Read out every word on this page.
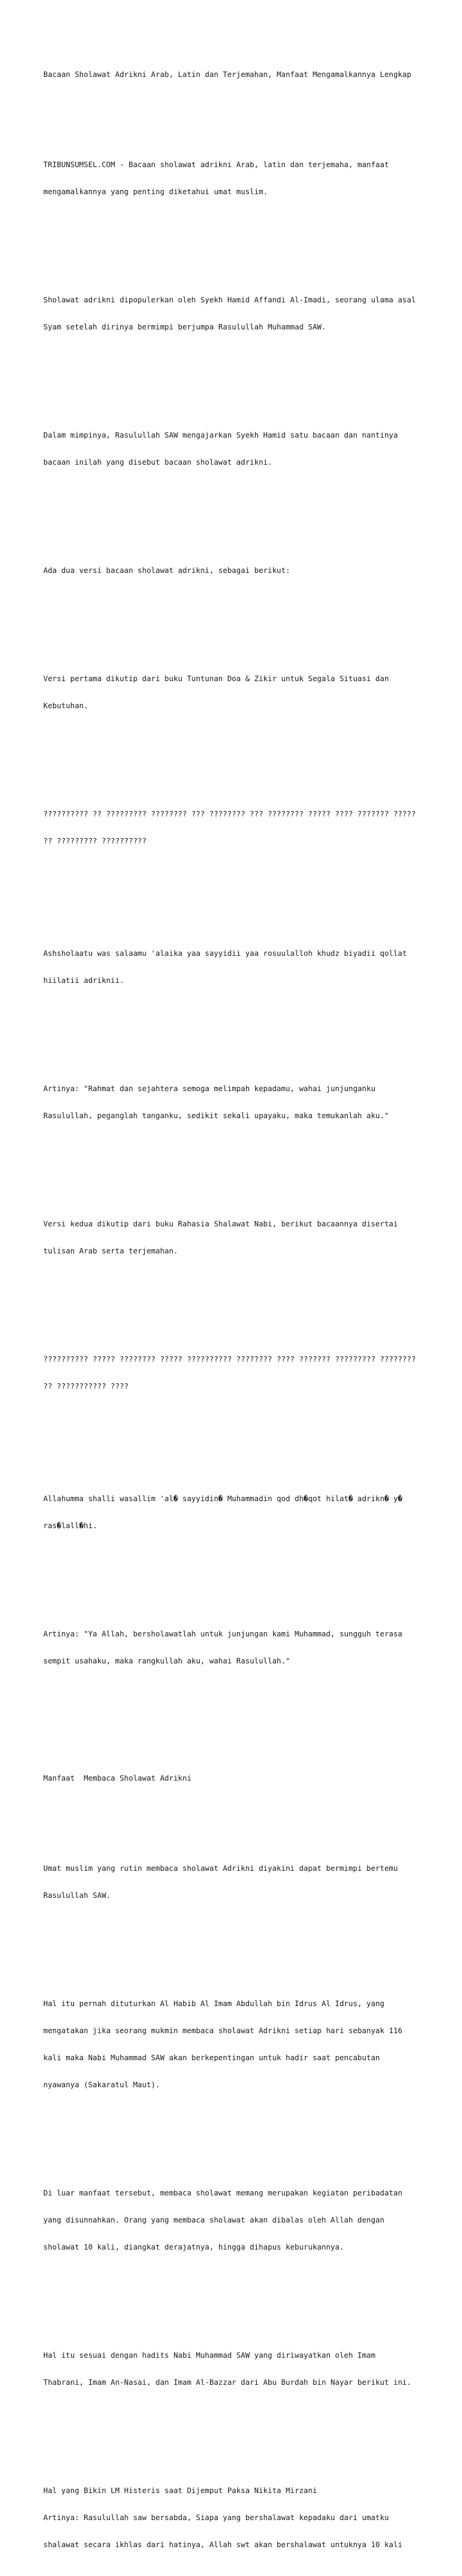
Bacaan Sholawat Adrikni Arab, Latin dan Terjemahan, Manfaat Mengamalkannya Lengkap

TRIBUNSUMSEL.COM - Bacaan sholawat adrikni Arab, latin dan terjemaha, manfaat

mengamalkannya yang penting diketahui umat muslim.

Sholawat adrikni dipopulerkan oleh Syekh Hamid Affandi Al-Imadi, seorang ulama asal

Syam setelah dirinya bermimpi berjumpa Rasulullah Muhammad SAW.

Dalam mimpinya, Rasulullah SAW mengajarkan Syekh Hamid satu bacaan dan nantinya

bacaan inilah yang disebut bacaan sholawat adrikni.

Ada dua versi bacaan sholawat adrikni, sebagai berikut:

Versi pertama dikutip dari buku Tuntunan Doa & Zikir untuk Segala Situasi dan

Kebutuhan.

?????????? ?? ????????? ???????? ??? ???????? ??? ???????? ????? ???? ??????? ?????

?? ????????? ??????????

Ashsholaatu was salaamu 'alaika yaa sayyidii yaa rosuulalloh khudz biyadii qollat

hiilatii adriknii.

Artinya: "Rahmat dan sejahtera semoga melimpah kepadamu, wahai junjunganku

Rasulullah, peganglah tanganku, sedikit sekali upayaku, maka temukanlah aku."

Versi kedua dikutip dari buku Rahasia Shalawat Nabi, berikut bacaannya disertai

tulisan Arab serta terjemahan.

?????????? ????? ???????? ????? ?????????? ???????? ???? ??????? ????????? ????????

?? ??????????? ????

Allahumma shalli wasallim 'al� sayyidin� Muhammadin qod dh�qot hilat� adrikn� y�

ras�lall�hi.

Artinya: "Ya Allah, bersholawatlah untuk junjungan kami Muhammad, sungguh terasa

sempit usahaku, maka rangkullah aku, wahai Rasulullah."

Manfaat  Membaca Sholawat Adrikni

Umat muslim yang rutin membaca sholawat Adrikni diyakini dapat bermimpi bertemu

Rasulullah SAW.

Hal itu pernah dituturkan Al Habib Al Imam Abdullah bin Idrus Al Idrus, yang

mengatakan jika seorang mukmin membaca sholawat Adrikni setiap hari sebanyak 116

kali maka Nabi Muhammad SAW akan berkepentingan untuk hadir saat pencabutan

nyawanya (Sakaratul Maut).

Di luar manfaat tersebut, membaca sholawat memang merupakan kegiatan peribadatan

yang disunnahkan. Orang yang membaca sholawat akan dibalas oleh Allah dengan

sholawat 10 kali, diangkat derajatnya, hingga dihapus keburukannya.

Hal itu sesuai dengan hadits Nabi Muhammad SAW yang diriwayatkan oleh Imam

Thabrani, Imam An-Nasai, dan Imam Al-Bazzar dari Abu Burdah bin Nayar berikut ini.

Hal yang Bikin LM Histeris saat Dijemput Paksa Nikita Mirzani

Artinya: Rasulullah saw bersabda, Siapa yang bershalawat kepadaku dari umatku

shalawat secara ikhlas dari hatinya, Allah swt akan bershalawat untuknya 10 kali
